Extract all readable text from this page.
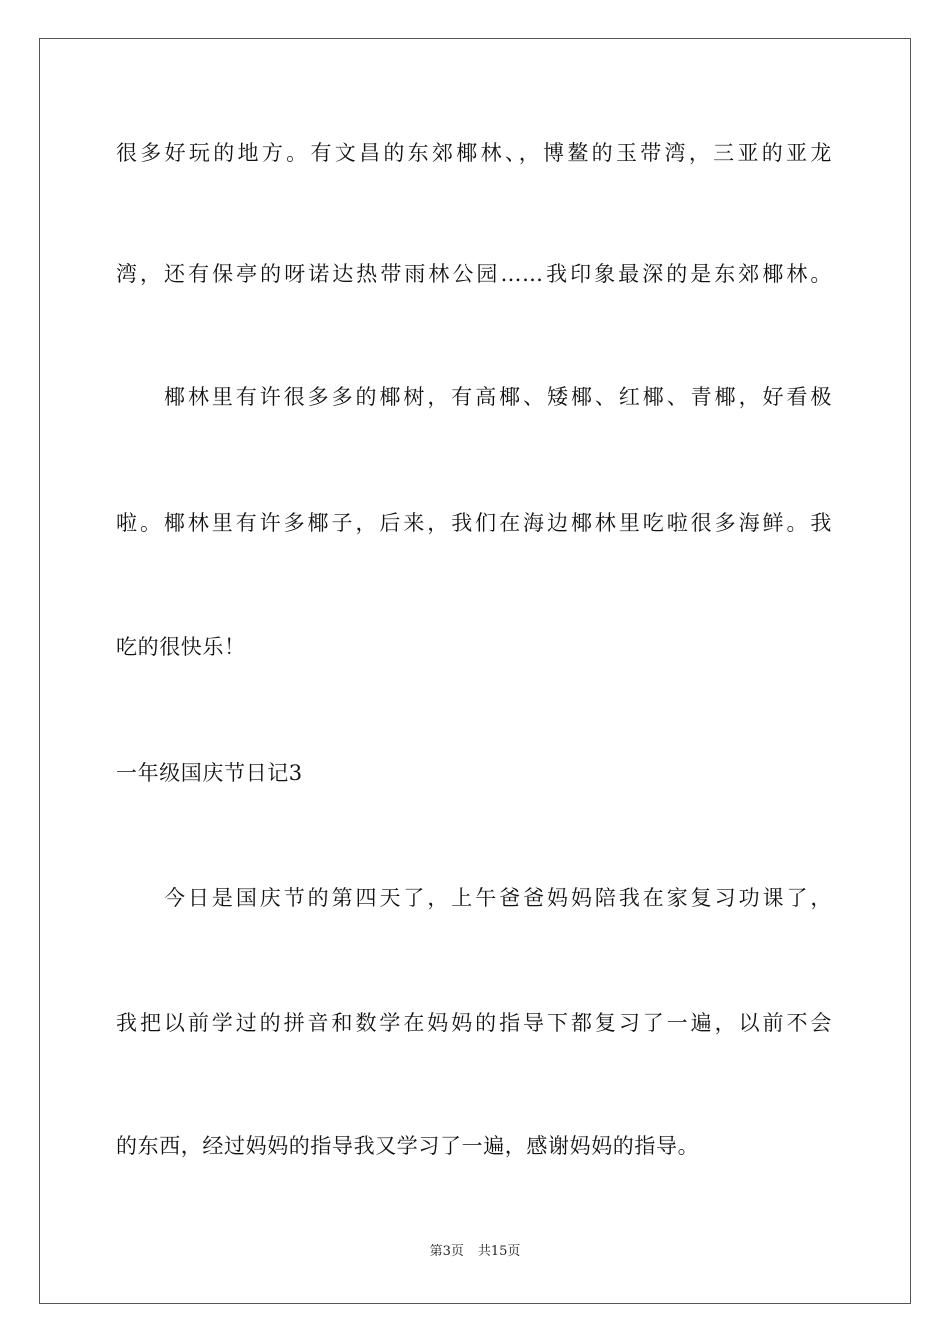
很多好玩的地方。有文昌的东郊椰林、，博鳌的玉带湾，三亚的亚龙
湾，还有保亭的呀诺达热带雨林公园……我印象最深的是东郊椰林。
椰林里有许很多多的椰树，有高椰、矮椰、红椰、青椰，好看极
啦。椰林里有许多椰子，后来，我们在海边椰林里吃啦很多海鲜。我
吃的很快乐！
一年级国庆节日记3
今日是国庆节的第四天了，上午爸爸妈妈陪我在家复习功课了，
我把以前学过的拼音和数学在妈妈的指导下都复习了一遍，以前不会
的东西，经过妈妈的指导我又学习了一遍，感谢妈妈的指导。
第3页 共15页
